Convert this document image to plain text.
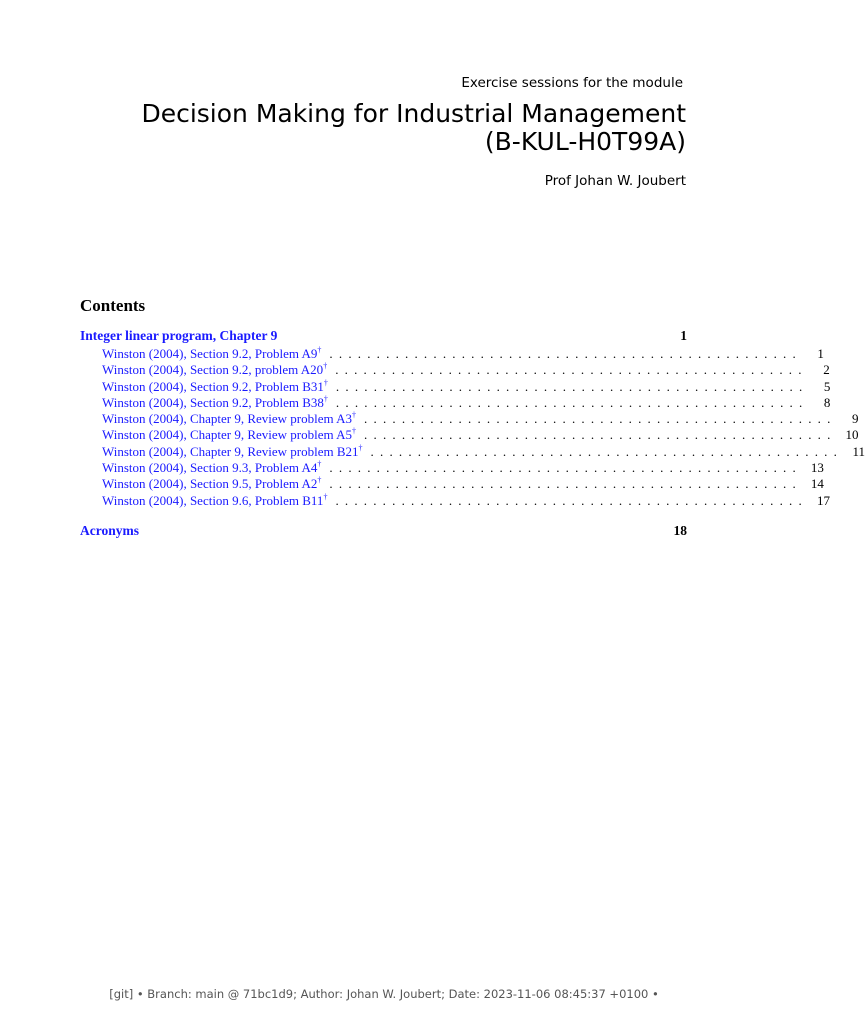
Exercise sessions for the module
Decision Making for Industrial Management
(B-KUL-H0T99A)
Prof Johan W. Joubert
Contents
Integer linear program, Chapter 9	1
Winston (2004), Section 9.2, Problem A9† ..................................................	1
Winston (2004), Section 9.2, problem A20† ..................................................	2
Winston (2004), Section 9.2, Problem B31† ..................................................	5
Winston (2004), Section 9.2, Problem B38† ..................................................	8
Winston (2004), Chapter 9, Review problem A3† ..................................................	9
Winston (2004), Chapter 9, Review problem A5† .................................................. 10
Winston (2004), Chapter 9, Review problem B21† .................................................. 11
Winston (2004), Section 9.3, Problem A4† .................................................. 13
Winston (2004), Section 9.5, Problem A2† .................................................. 14
Winston (2004), Section 9.6, Problem B11† .................................................. 17
Acronyms	18
[git] • Branch: main @ 71bc1d9; Author: Johan W. Joubert; Date: 2023-11-06 08:45:37 +0100 •
